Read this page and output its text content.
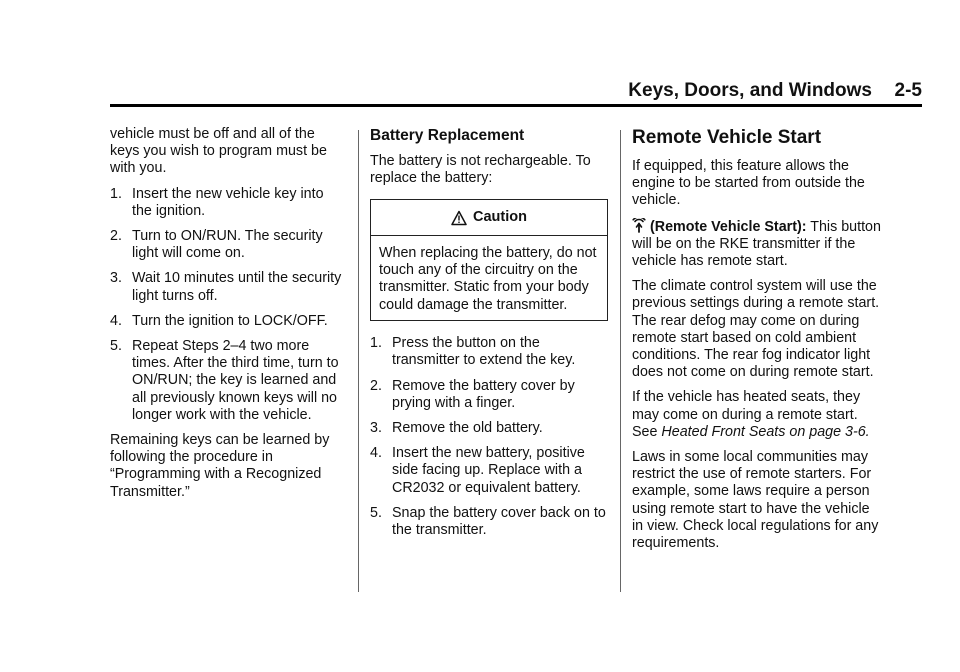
Keys, Doors, and Windows 2-5

vehicle must be off and all of the keys you wish to program must be with you.

1. Insert the new vehicle key into the ignition.
2. Turn to ON/RUN. The security light will come on.
3. Wait 10 minutes until the security light turns off.
4. Turn the ignition to LOCK/OFF.
5. Repeat Steps 2–4 two more times. After the third time, turn to ON/RUN; the key is learned and all previously known keys will no longer work with the vehicle.

Remaining keys can be learned by following the procedure in “Programming with a Recognized Transmitter.”

Battery Replacement

The battery is not rechargeable. To replace the battery:

Caution
When replacing the battery, do not touch any of the circuitry on the transmitter. Static from your body could damage the transmitter.
1. Press the button on the transmitter to extend the key.
2. Remove the battery cover by prying with a finger.
3. Remove the old battery.
4. Insert the new battery, positive side facing up. Replace with a CR2032 or equivalent battery.
5. Snap the battery cover back on to the transmitter.
Remote Vehicle Start

If equipped, this feature allows the engine to be started from outside the vehicle.

(Remote Vehicle Start): This button will be on the RKE transmitter if the vehicle has remote start.

The climate control system will use the previous settings during a remote start. The rear defog may come on during remote start based on cold ambient conditions. The rear fog indicator light does not come on during remote start.

If the vehicle has heated seats, they may come on during a remote start. See Heated Front Seats on page 3-6.

Laws in some local communities may restrict the use of remote starters. For example, some laws require a person using remote start to have the vehicle in view. Check local regulations for any requirements.
